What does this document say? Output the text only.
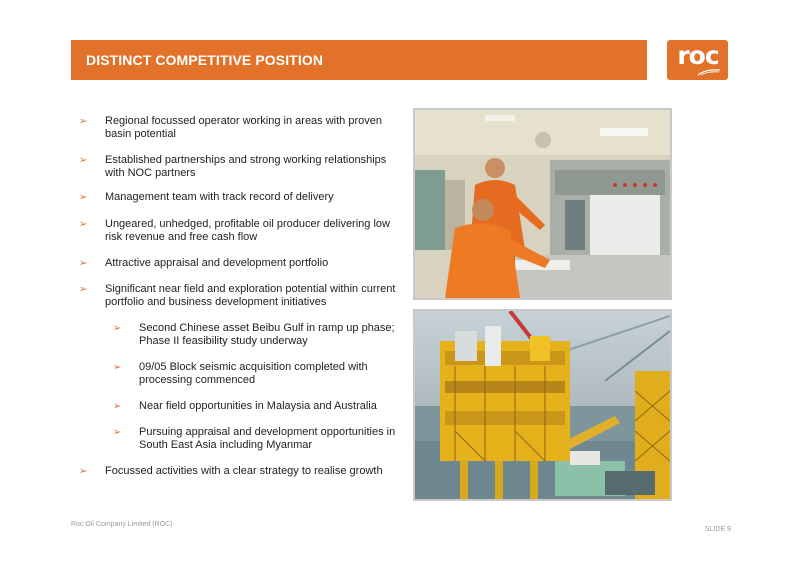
DISTINCT COMPETITIVE POSITION	roc
➢ Regional focussed operator working in areas with proven basin potential
➢ Established partnerships and strong working relationships with NOC partners
➢ Management team with track record of delivery
➢ Ungeared, unhedged, profitable oil producer delivering low risk revenue and free cash flow
➢ Attractive appraisal and development portfolio
➢ Significant near field and exploration potential within current portfolio and business development initiatives
➢ Second Chinese asset Beibu Gulf in ramp up phase; Phase II feasibility study underway
➢ 09/05 Block seismic acquisition completed with processing commenced
➢ Near field opportunities in Malaysia and Australia
➢ Pursuing appraisal and development opportunities in South East Asia including Myanmar
➢ Focussed activities with a clear strategy to realise growth
Roc Oil Company Limited (ROC)
SLIDE 9
